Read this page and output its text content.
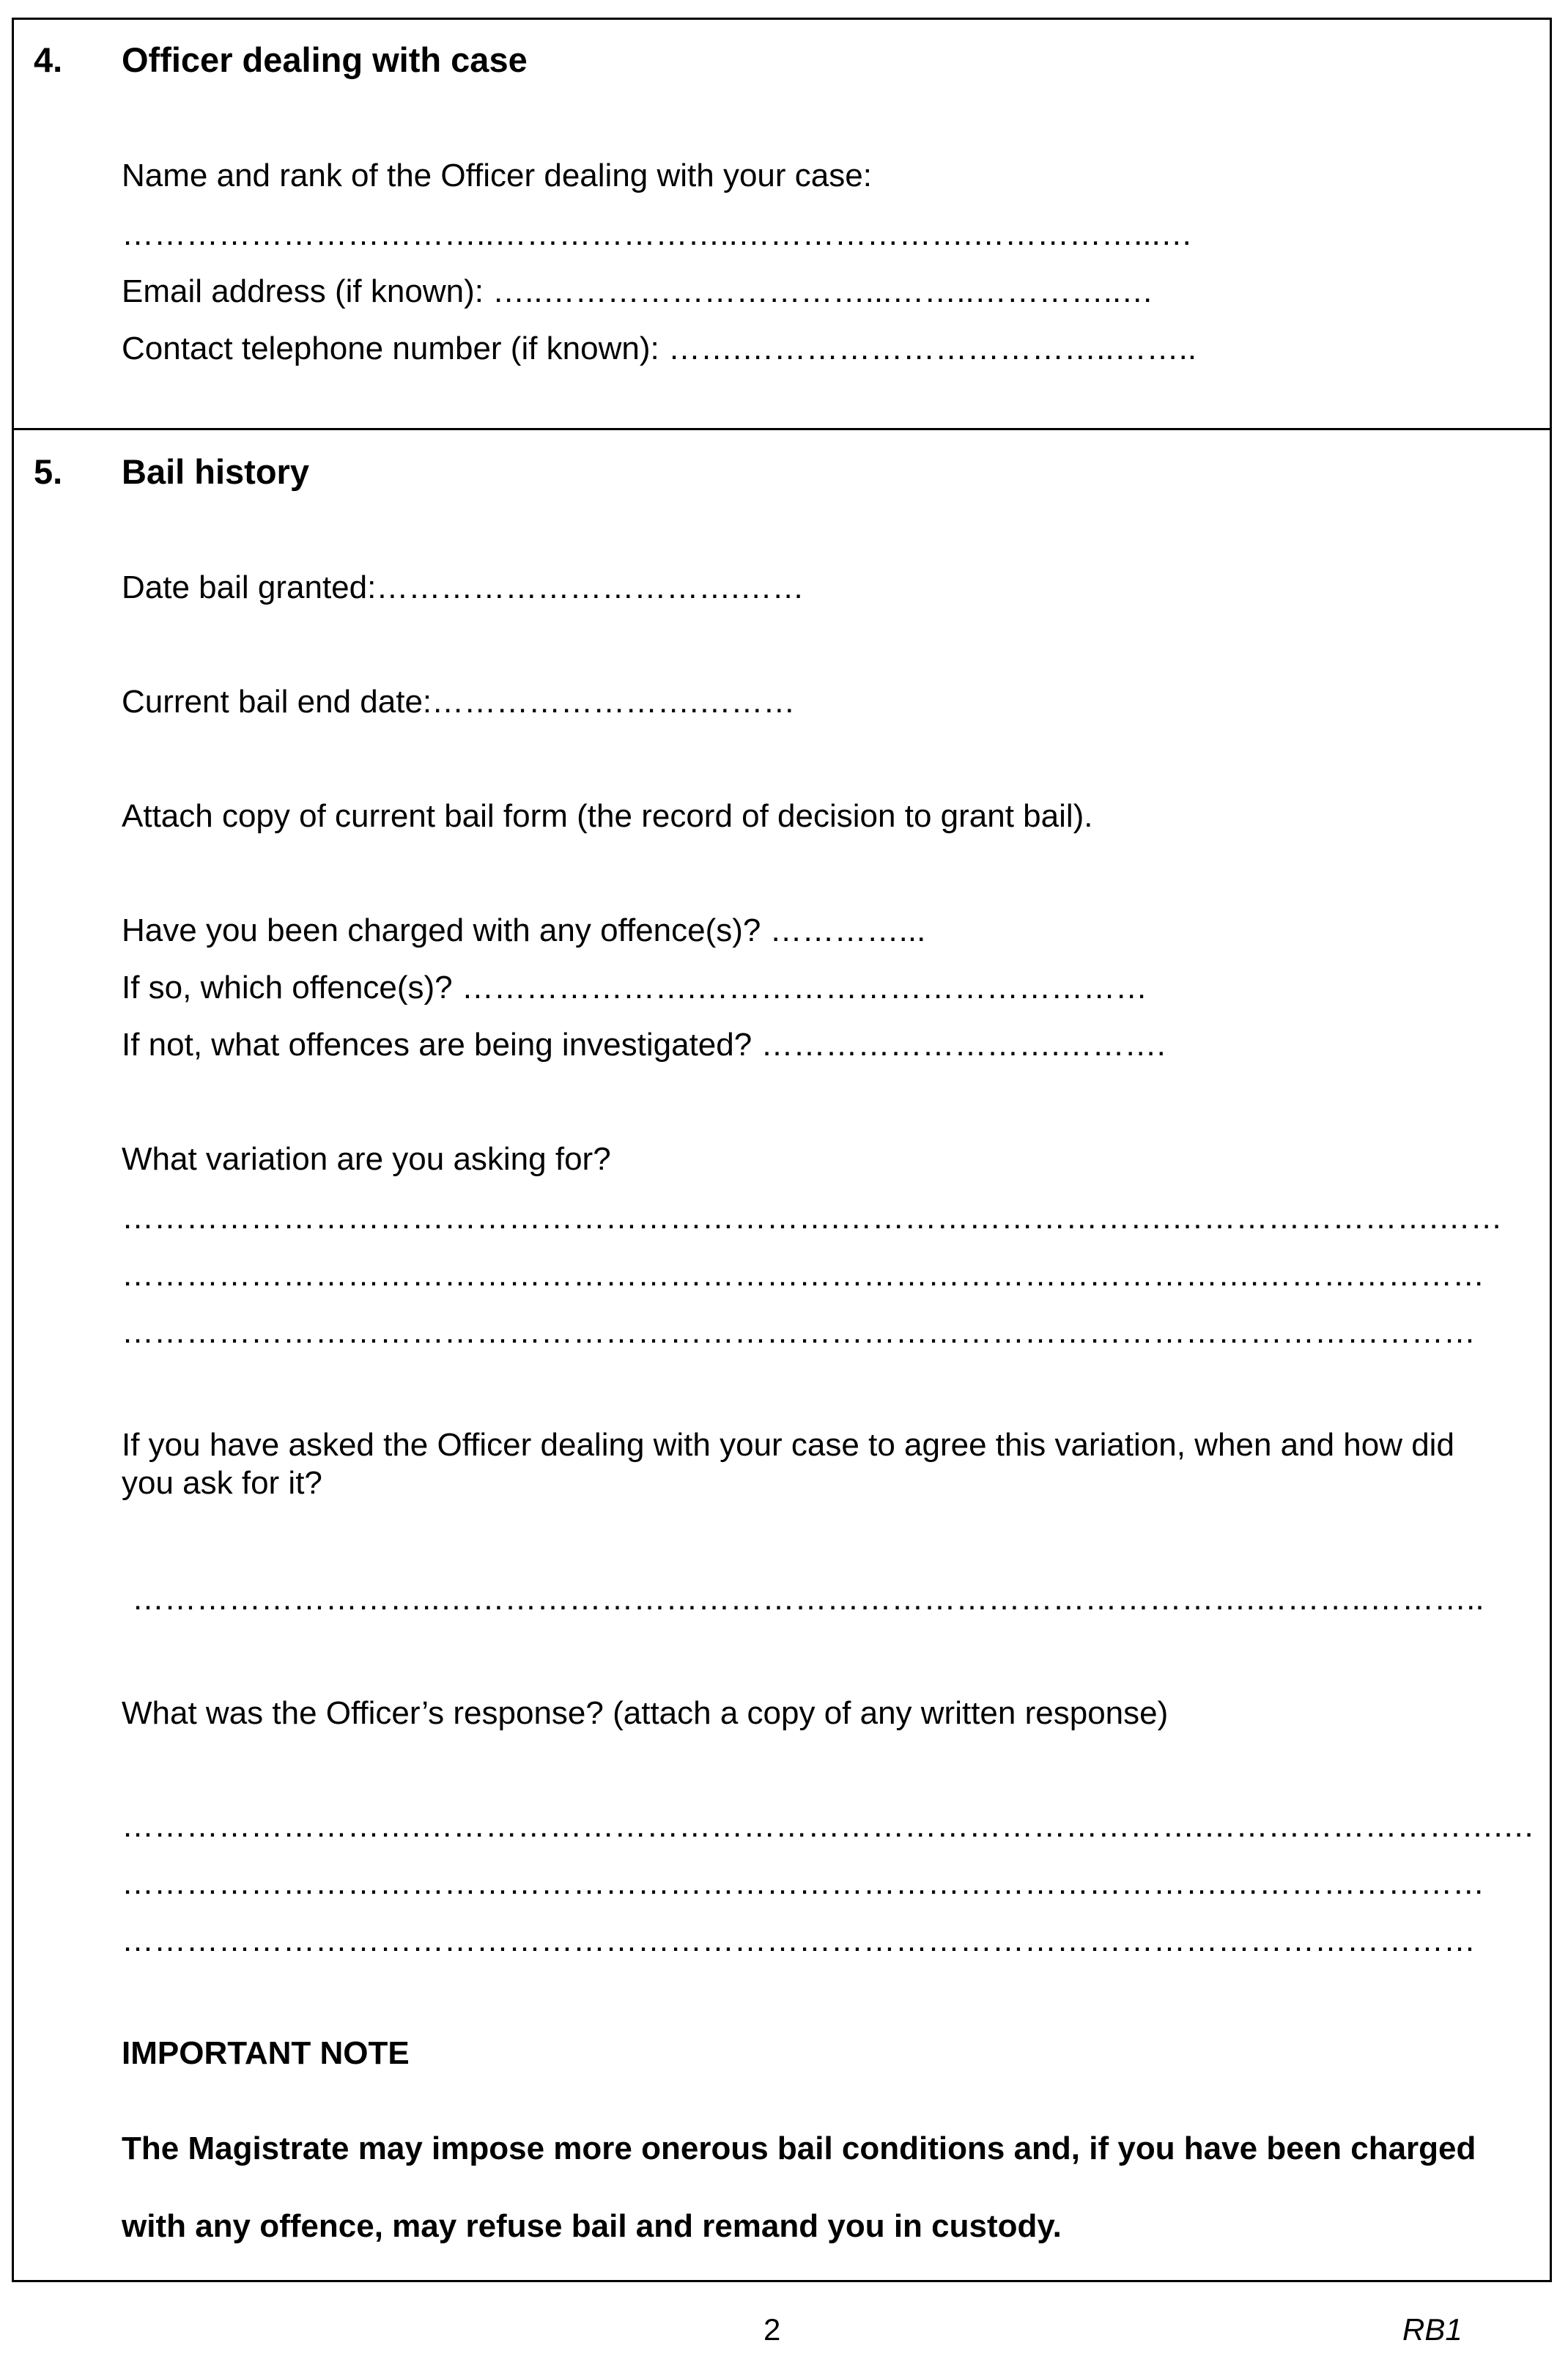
4. Officer dealing with case
Name and rank of the Officer dealing with your case:
……………………………..…………………..………………….……………...…
Email address (if known): …..…………………………...……..…………..…
Contact telephone number (if known): …….……………………………..……..
5. Bail history
Date bail granted:…………………………….……
Current bail end date:…………………….………
Attach copy of current bail form (the record of decision to grant bail).
Have you been charged with any offence(s)? …………...
If so, which offence(s)? ………………….……………………………………
If not, what offences are being investigated? ……………………….……….
What variation are you asking for?
………………………………………………………….………………………….…………………….……
…………………………………………………………………………………………….…………………
………………………………………………………………………………………………………………
If you have asked the Officer dealing with your case to agree this variation, when and how did
you ask for it?
………………………..………………………………………………………………….………..………..
What was the Officer’s response? (attach a copy of any written response)
……………………….……………………………………………………………….……………………….…
………………………………………………………………………………………….……………………
………………………………………………………………………………………………………………
IMPORTANT NOTE
The Magistrate may impose more onerous bail conditions and, if you have been charged
with any offence, may refuse bail and remand you in custody.
2	RB1
